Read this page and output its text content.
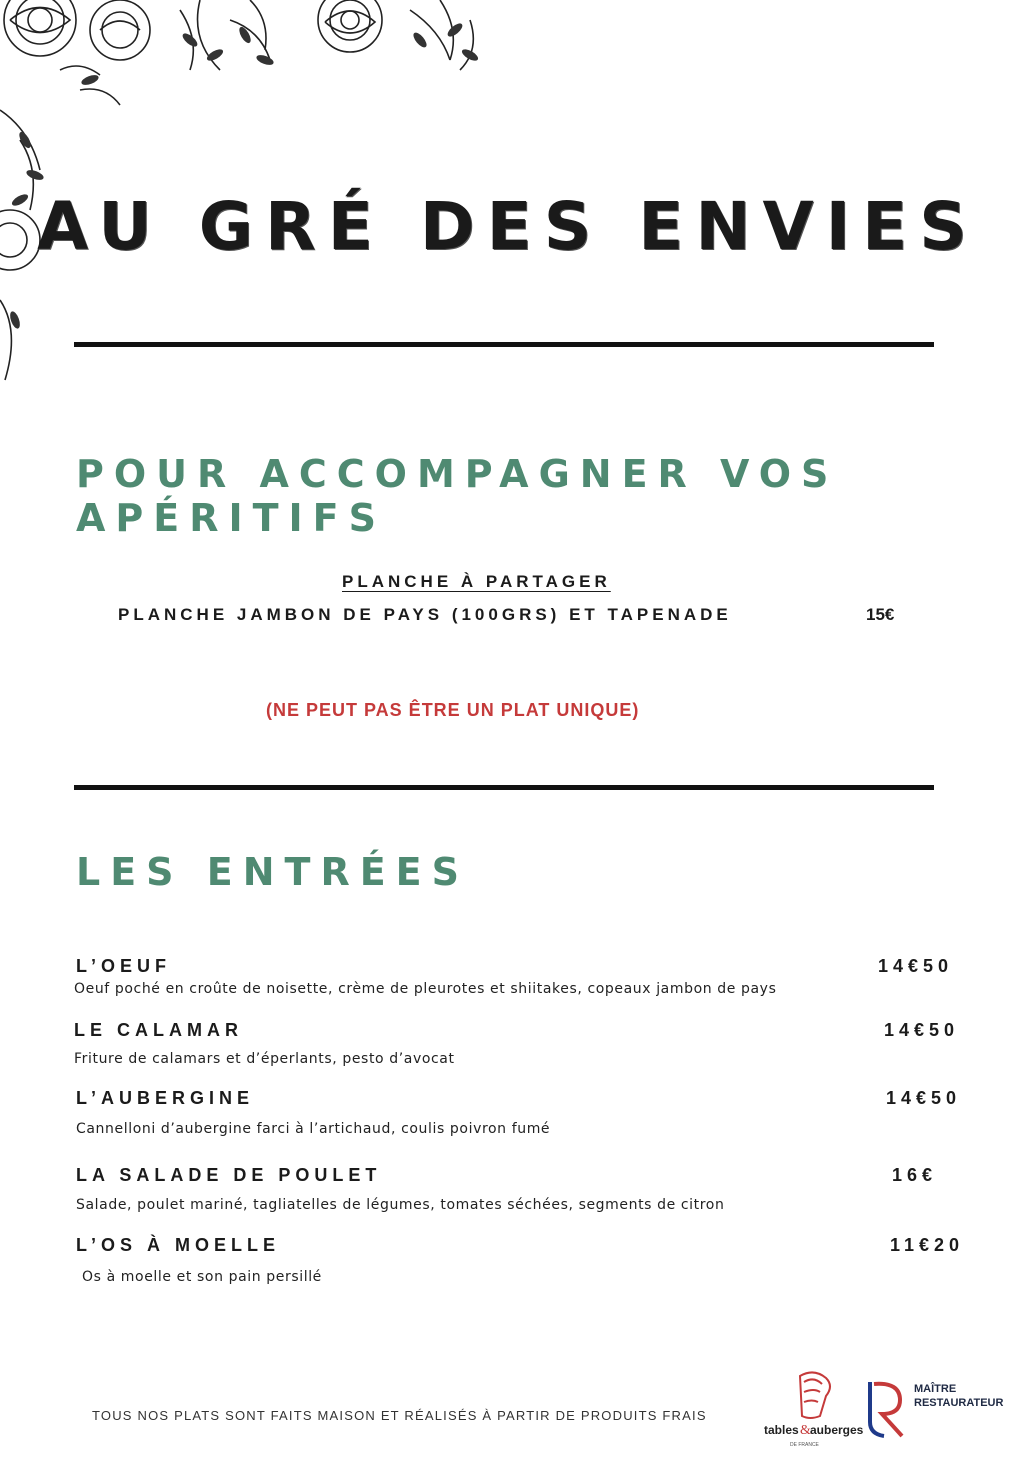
AU GRÉ DES ENVIES
POUR ACCOMPAGNER VOS APÉRITIFS
PLANCHE À PARTAGER
PLANCHE JAMBON DE PAYS (100GRS) ET TAPENADE	15€
(NE PEUT PAS ÊTRE UN PLAT UNIQUE)
LES ENTRÉES
L’OEUF	14€50
Oeuf poché en croûte de noisette, crème de pleurotes et shiitakes, copeaux jambon de pays
LE CALAMAR	14€50
Friture de calamars et d’éperlants, pesto d’avocat
L’AUBERGINE	14€50
Cannelloni d’aubergine farci à l’artichaud, coulis poivron fumé
LA SALADE DE POULET	16€
Salade, poulet mariné, tagliatelles de légumes, tomates séchées, segments de citron
L’OS À MOELLE	11€20
Os à moelle et son pain persillé
TOUS NOS PLATS SONT FAITS MAISON ET RÉALISÉS À PARTIR DE PRODUITS FRAIS
tables & auberges
DE FRANCE
MAÎTRE RESTAURATEUR
